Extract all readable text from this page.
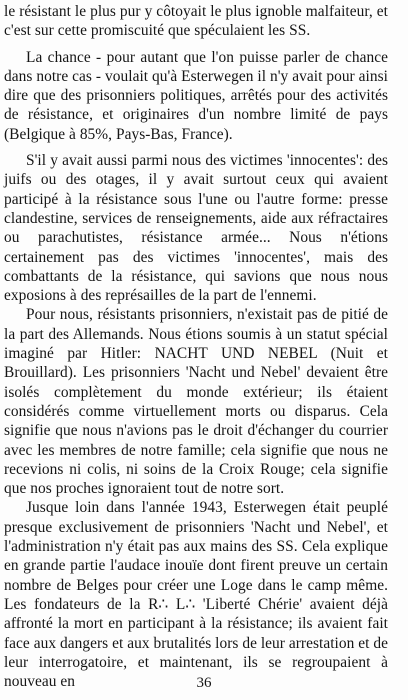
le résistant le plus pur y côtoyait le plus ignoble malfaiteur, et c'est sur cette promiscuité que spéculaient les SS.

La chance - pour autant que l'on puisse parler de chance dans notre cas - voulait qu'à Esterwegen il n'y avait pour ainsi dire que des prisonniers politiques, arrêtés pour des activités de résistance, et originaires d'un nombre limité de pays (Belgique à 85%, Pays-Bas, France).

S'il y avait aussi parmi nous des victimes 'innocentes': des juifs ou des otages, il y avait surtout ceux qui avaient participé à la résistance sous l'une ou l'autre forme: presse clandestine, services de renseignements, aide aux réfractaires ou parachutistes, résistance armée... Nous n'étions certainement pas des victimes 'innocentes', mais des combattants de la résistance, qui savions que nous nous exposions à des représailles de la part de l'ennemi.

Pour nous, résistants prisonniers, n'existait pas de pitié de la part des Allemands. Nous étions soumis à un statut spécial imaginé par Hitler: NACHT UND NEBEL (Nuit et Brouillard). Les prisonniers 'Nacht und Nebel' devaient être isolés complètement du monde extérieur; ils étaient considérés comme virtuellement morts ou disparus. Cela signifie que nous n'avions pas le droit d'échanger du courrier avec les membres de notre famille; cela signifie que nous ne recevions ni colis, ni soins de la Croix Rouge; cela signifie que nos proches ignoraient tout de notre sort.

Jusque loin dans l'année 1943, Esterwegen était peuplé presque exclusivement de prisonniers 'Nacht und Nebel', et l'administration n'y était pas aux mains des SS. Cela explique en grande partie l'audace inouïe dont firent preuve un certain nombre de Belges pour créer une Loge dans le camp même. Les fondateurs de la R∴ L∴ 'Liberté Chérie' avaient déjà affronté la mort en participant à la résistance; ils avaient fait face aux dangers et aux brutalités lors de leur arrestation et de leur interrogatoire, et maintenant, ils se regroupaient à nouveau en	36
